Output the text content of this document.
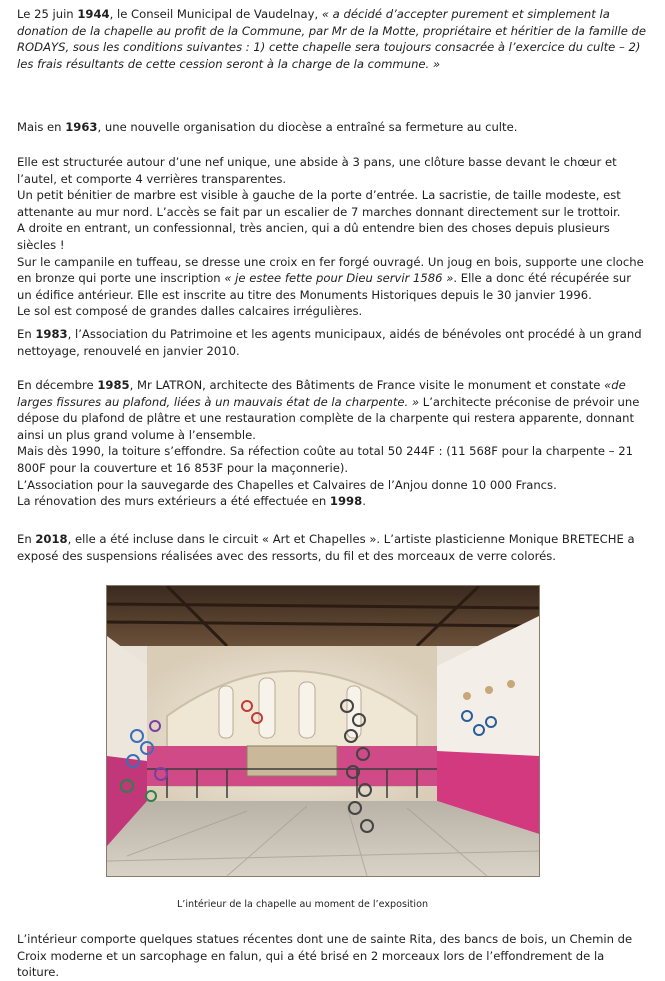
Le 25 juin 1944, le Conseil Municipal de Vaudelnay, « a décidé d’accepter purement et simplement la donation de la chapelle au profit de la Commune, par Mr de la Motte, propriétaire et héritier de la famille de RODAYS, sous les conditions suivantes : 1) cette chapelle sera toujours consacrée à l’exercice du culte – 2) les frais résultants de cette cession seront à la charge de la commune. »

Mais en 1963, une nouvelle organisation du diocèse a entraîné sa fermeture au culte.

Elle est structurée autour d’une nef unique, une abside à 3 pans, une clôture basse devant le chœur et l’autel, et comporte 4 verrières transparentes.
Un petit bénitier de marbre est visible à gauche de la porte d’entrée. La sacristie, de taille modeste, est attenante au mur nord. L’accès se fait par un escalier de 7 marches donnant directement sur le trottoir.
A droite en entrant, un confessionnal, très ancien, qui a dû entendre bien des choses depuis plusieurs siècles !
Sur le campanile en tuffeau, se dresse une croix en fer forgé ouvragé. Un joug en bois, supporte une cloche en bronze qui porte une inscription « je estee fette pour Dieu servir 1586 ». Elle a donc été récupérée sur un édifice antérieur. Elle est inscrite au titre des Monuments Historiques depuis le 30 janvier 1996.
Le sol est composé de grandes dalles calcaires irrégulières.

En 1983, l’Association du Patrimoine et les agents municipaux, aidés de bénévoles ont procédé à un grand nettoyage, renouvelé en janvier 2010.

En décembre 1985, Mr LATRON, architecte des Bâtiments de France visite le monument et constate «de larges fissures au plafond, liées à un mauvais état de la charpente. » L’architecte préconise de prévoir une dépose du plafond de plâtre et une restauration complète de la charpente qui restera apparente, donnant ainsi un plus grand volume à l’ensemble.
Mais dès 1990, la toiture s’effondre. Sa réfection coûte au total 50 244F : (11 568F pour la charpente – 21 800F pour la couverture et 16 853F pour la maçonnerie).
L’Association pour la sauvegarde des Chapelles et Calvaires de l’Anjou donne 10 000 Francs.
La rénovation des murs extérieurs a été effectuée en 1998.

En 2018, elle a été incluse dans le circuit « Art et Chapelles ». L’artiste plasticienne Monique BRETECHE a exposé des suspensions réalisées avec des ressorts, du fil et des morceaux de verre colorés.

L’intérieur de la chapelle au moment de l’exposition

L’intérieur comporte quelques statues récentes dont une de sainte Rita, des bancs de bois, un Chemin de Croix moderne et un sarcophage en falun, qui a été brisé en 2 morceaux lors de l’effondrement de la toiture.
